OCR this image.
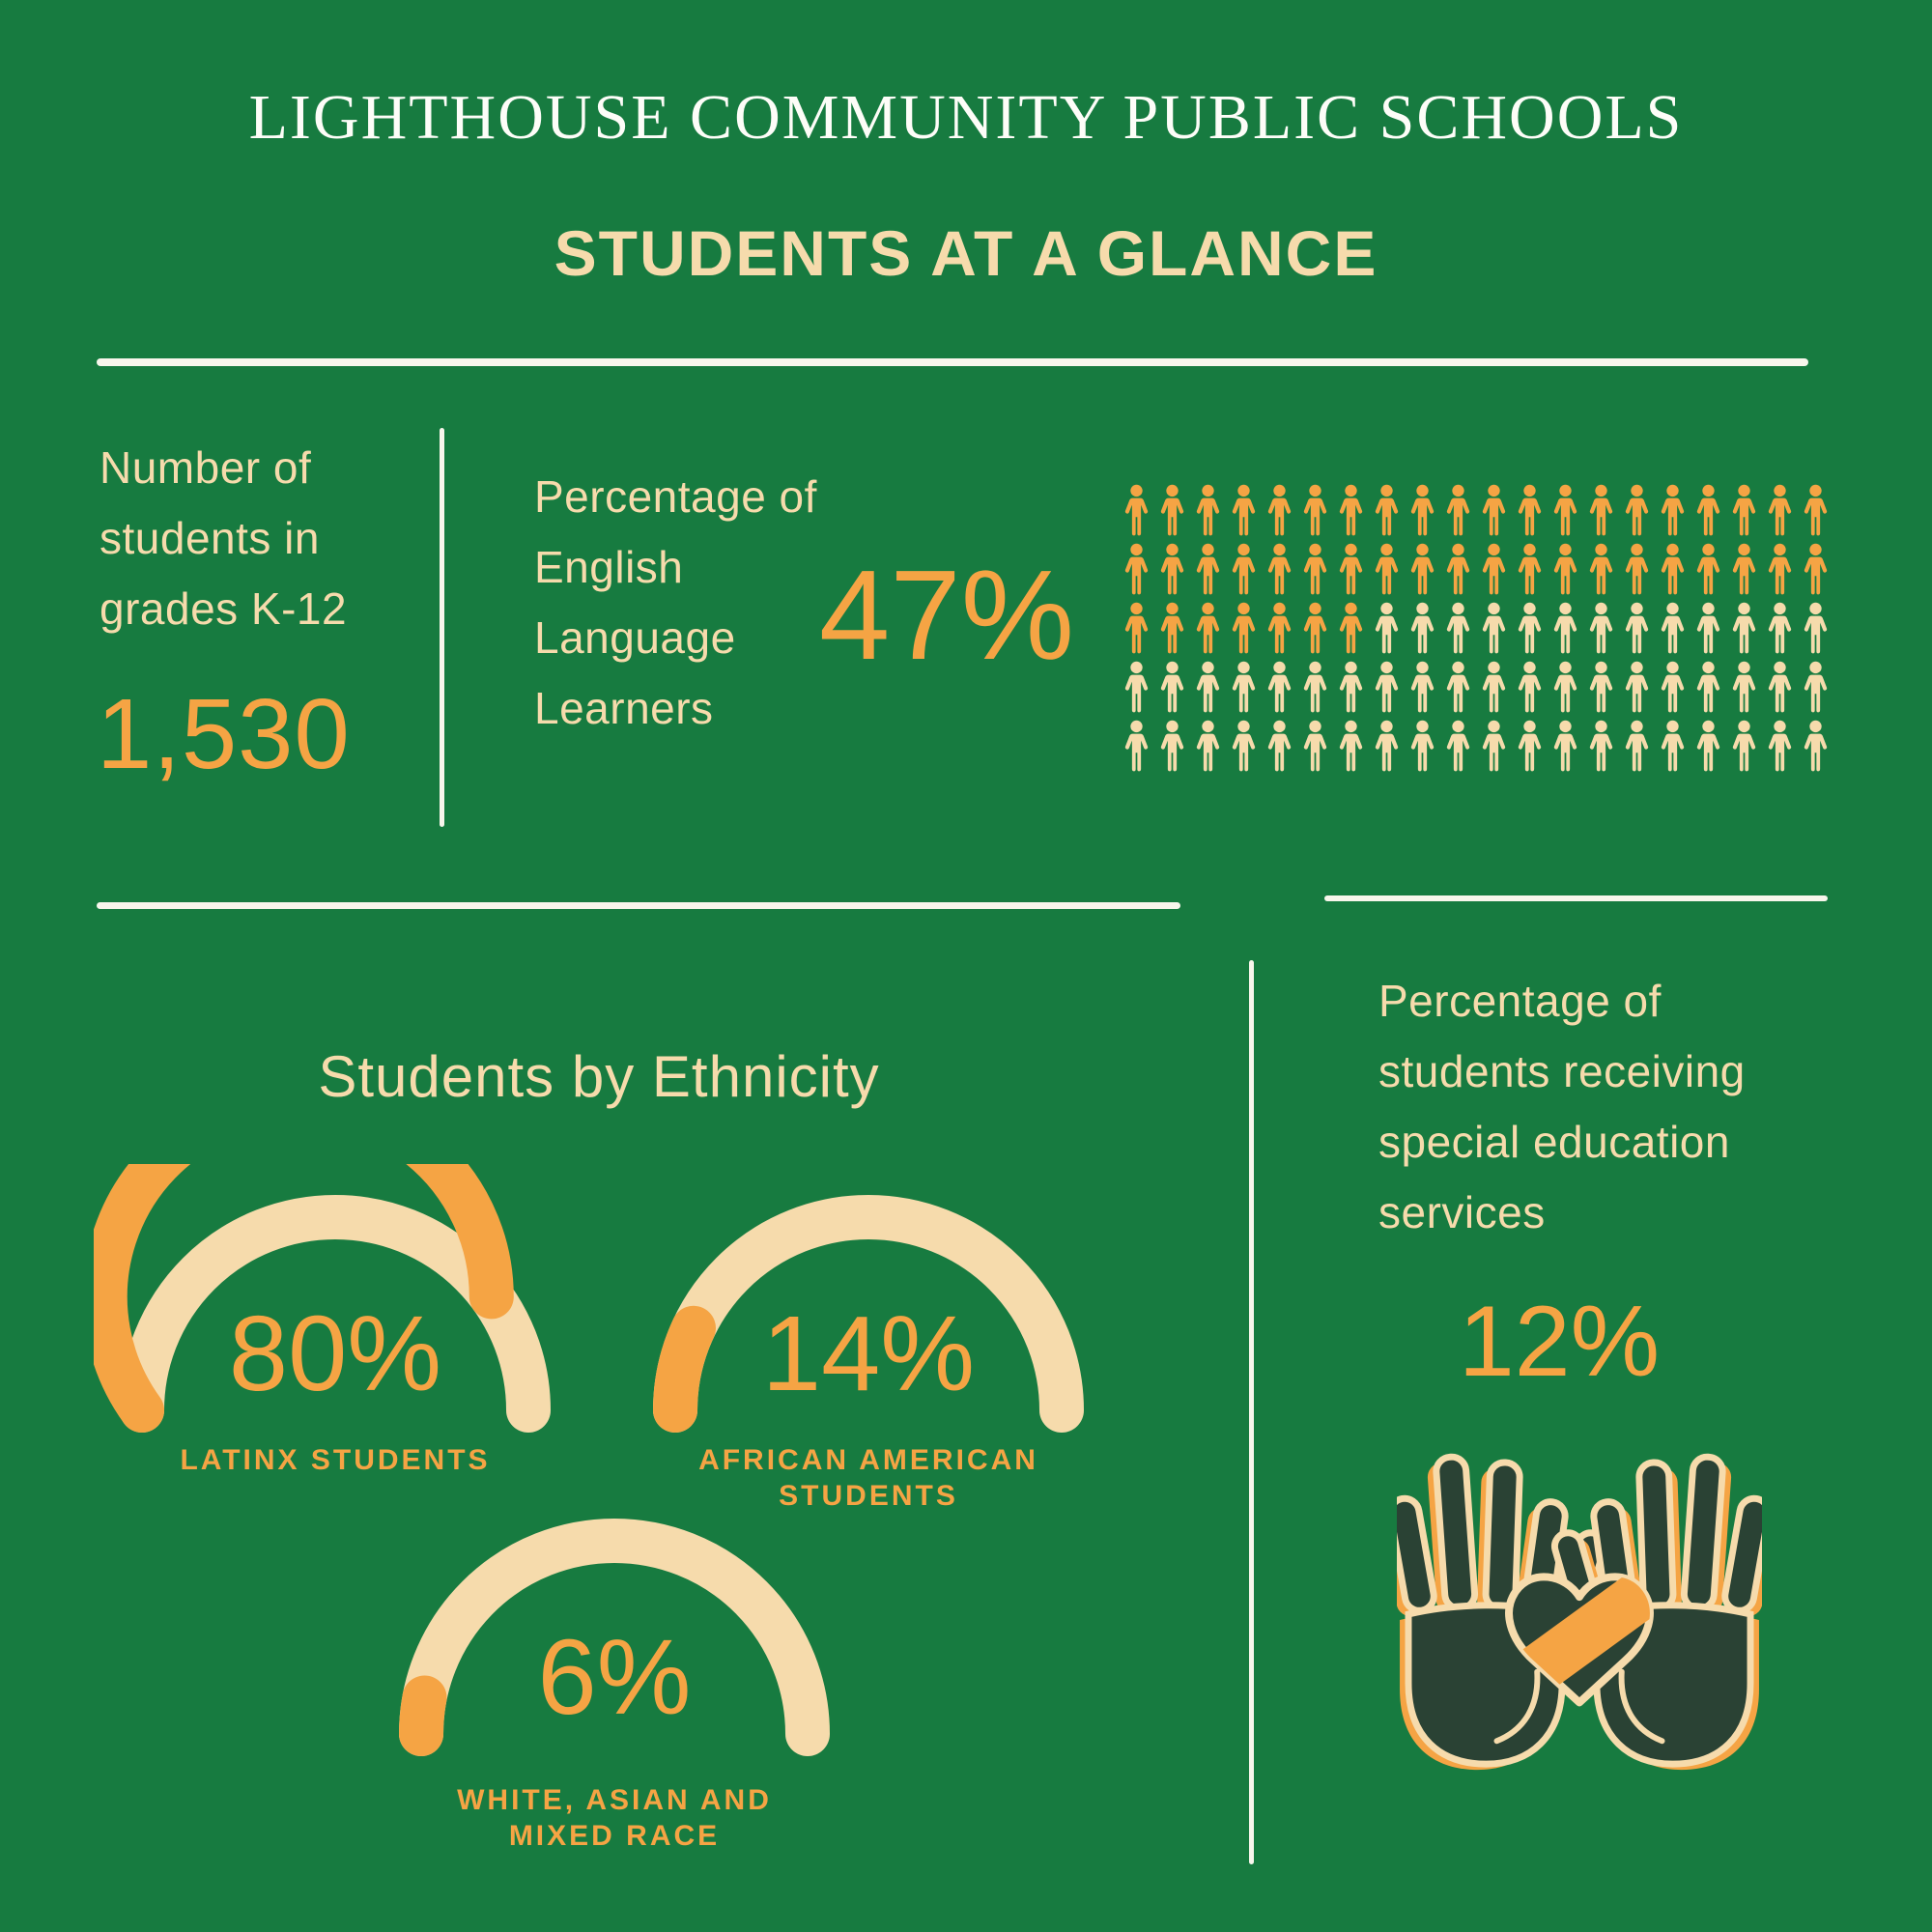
LIGHTHOUSE COMMUNITY PUBLIC SCHOOLS
STUDENTS AT A GLANCE
Number of
students in
grades K-12
1,530
Percentage of
English
Language
Learners
47%
Students by Ethnicity
80%
LATINX STUDENTS
14%
AFRICAN AMERICAN
STUDENTS
6%
WHITE, ASIAN AND
MIXED RACE
Percentage of
students receiving
special education
services
12%
